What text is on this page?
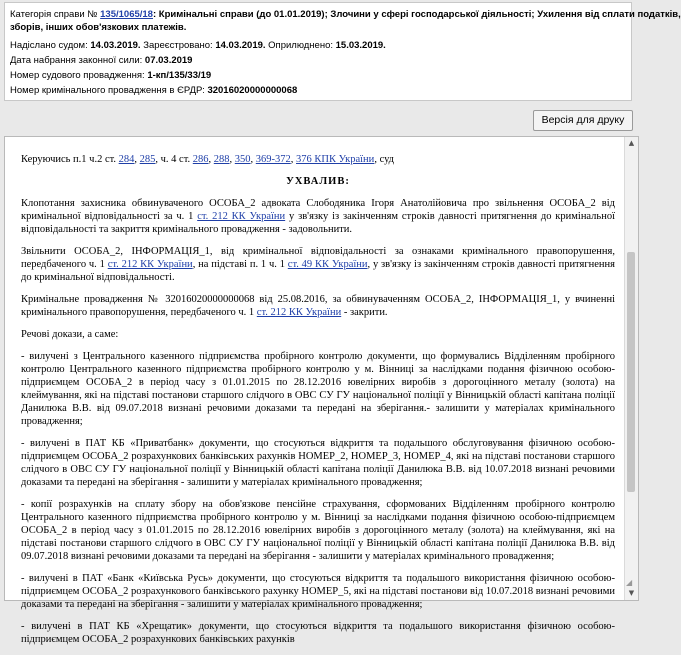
Категорія справи № 135/1065/18: Кримінальні справи (до 01.01.2019); Злочини у сфері господарської діяльності; Ухилення від сплати податків,
зборів, інших обов'язкових платежів.
Надіслано судом: 14.03.2019. Зареєстровано: 14.03.2019. Оприлюднено: 15.03.2019.
Дата набрання законної сили: 07.03.2019
Номер судового провадження: 1-кп/135/33/19
Номер кримінального провадження в ЄРДР: 32016020000000068
Версія для друку

Керуючись п.1 ч.2 ст. 284, 285, ч. 4 ст. 286, 288, 350, 369-372, 376 КПК України, суд

УХВАЛИВ:

Клопотання захисника обвинуваченого ОСОБА_2 адвоката Слободяника Ігоря Анатолійовича про звільнення ОСОБА_2 від кримінальної відповідальності за ч. 1 ст. 212 КК України у зв'язку із закінченням строків давності притягнення до кримінальної відповідальності та закриття кримінального провадження - задовольнити.

Звільнити ОСОБА_2, ІНФОРМАЦІЯ_1, від кримінальної відповідальності за ознаками кримінального правопорушення, передбаченого ч. 1 ст. 212 КК України, на підставі п. 1 ч. 1 ст. 49 КК України, у зв'язку із закінченням строків давності притягнення до кримінальної відповідальності.

Кримінальне провадження № 32016020000000068 від 25.08.2016, за обвинуваченням ОСОБА_2, ІНФОРМАЦІЯ_1, у вчиненні кримінального правопорушення, передбаченого ч. 1 ст. 212 КК України - закрити.

Речові докази, а саме:

- вилучені з Центрального казенного підприємства пробірного контролю документи, що формувались Відділенням пробірного контролю Центрального казенного підприємства пробірного контролю у м. Вінниці за наслідками подання фізичною особою-підприємцем ОСОБА_2 в період часу з 01.01.2015 по 28.12.2016 ювелірних виробів з дорогоцінного металу (золота) на клеймування, які на підставі постанови старшого слідчого в ОВС СУ ГУ національної поліції у Вінницькій області капітана поліції Данилюка В.В. від 09.07.2018 визнані речовими доказами та передані на зберігання.- залишити у матеріалах кримінального провадження;

- вилучені в ПАТ КБ «Приватбанк» документи, що стосуються відкриття та подальшого обслуговування фізичною особою-підприємцем ОСОБА_2 розрахункових банківських рахунків НОМЕР_2, НОМЕР_3, НОМЕР_4, які на підставі постанови старшого слідчого в ОВС СУ ГУ національної поліції у Вінницькій області капітана поліції Данилюка В.В. від 10.07.2018 визнані речовими доказами та передані на зберігання - залишити у матеріалах кримінального провадження;

- копії розрахунків на сплату збору на обов'язкове пенсійне страхування, сформованих Відділенням пробірного контролю Центрального казенного підприємства пробірного контролю у м. Вінниці за наслідками подання фізичною особою-підприємцем ОСОБА_2 в період часу з 01.01.2015 по 28.12.2016 ювелірних виробів з дорогоцінного металу (золота) на клеймування, які на підставі постанови старшого слідчого в ОВС СУ ГУ національної поліції у Вінницькій області капітана поліції Данилюка В.В. від 09.07.2018 визнані речовими доказами та передані на зберігання - залишити у матеріалах кримінального провадження;

- вилучені в ПАТ «Банк «Київська Русь» документи, що стосуються відкриття та подальшого використання фізичною особою-підприємцем ОСОБА_2 розрахункового банківського рахунку НОМЕР_5, які на підставі постанови від 10.07.2018 визнані речовими доказами та передані на зберігання - залишити у матеріалах кримінального провадження;

- вилучені в ПАТ КБ «Хрещатик» документи, що стосуються відкриття та подальшого використання фізичною особою-підприємцем ОСОБА_2 розрахункових банківських рахунків

▲
▼
◢
